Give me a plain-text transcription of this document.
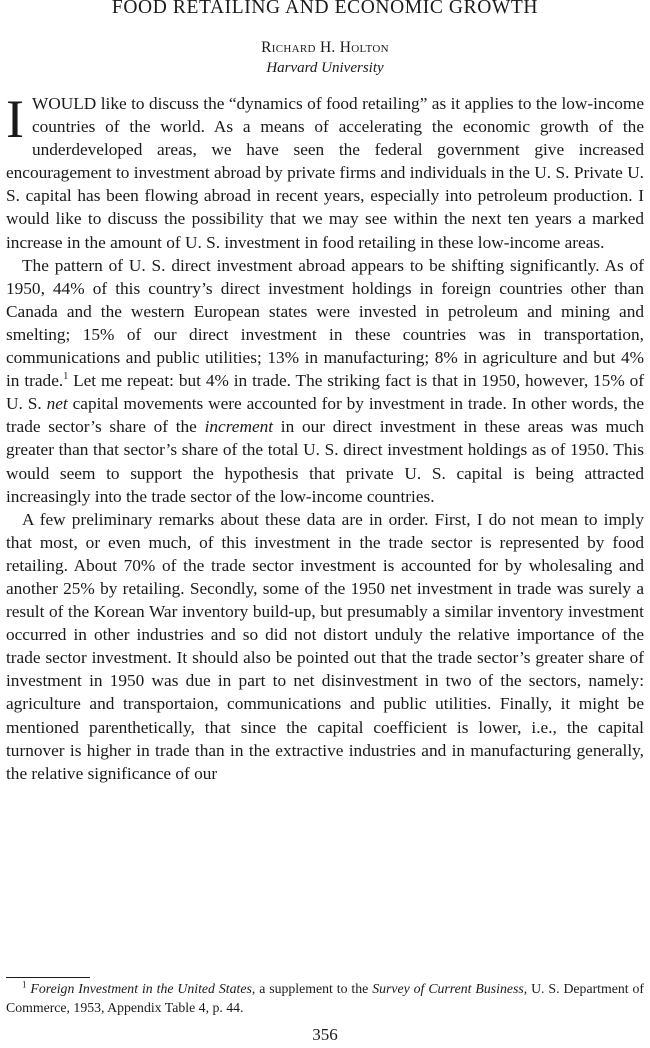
FOOD RETAILING AND ECONOMIC GROWTH
Richard H. Holton
Harvard University

I WOULD like to discuss the “dynamics of food retailing” as it applies to the low-income countries of the world. As a means of accelerating the economic growth of the underdeveloped areas, we have seen the federal government give increased encouragement to investment abroad by private firms and individuals in the U. S. Private U. S. capital has been flowing abroad in recent years, especially into petroleum production. I would like to discuss the possibility that we may see within the next ten years a marked increase in the amount of U. S. investment in food retailing in these low-income areas.

The pattern of U. S. direct investment abroad appears to be shifting significantly. As of 1950, 44% of this country’s direct investment holdings in foreign countries other than Canada and the western European states were invested in petroleum and mining and smelting; 15% of our direct investment in these countries was in transportation, communications and public utilities; 13% in manufacturing; 8% in agriculture and but 4% in trade.$^1$ Let me repeat: but 4% in trade. The striking fact is that in 1950, however, 15% of U. S. net capital movements were accounted for by investment in trade. In other words, the trade sector’s share of the increment in our direct investment in these areas was much greater than that sector’s share of the total U. S. direct investment holdings as of 1950. This would seem to support the hypothesis that private U. S. capital is being attracted increasingly into the trade sector of the low-income countries.

A few preliminary remarks about these data are in order. First, I do not mean to imply that most, or even much, of this investment in the trade sector is represented by food retailing. About 70% of the trade sector investment is accounted for by wholesaling and another 25% by retailing. Secondly, some of the 1950 net investment in trade was surely a result of the Korean War inventory build-up, but presumably a similar inventory investment occurred in other industries and so did not distort unduly the relative importance of the trade sector investment. It should also be pointed out that the trade sector’s greater share of investment in 1950 was due in part to net disinvestment in two of the sectors, namely: agriculture and transportaion, communications and public utilities. Finally, it might be mentioned parenthetically, that since the capital coefficient is lower, i.e., the capital turnover is higher in trade than in the extractive industries and in manufacturing generally, the relative significance of our

$^1$ Foreign Investment in the United States, a supplement to the Survey of Current Business, U. S. Department of Commerce, 1953, Appendix Table 4, p. 44.
356
